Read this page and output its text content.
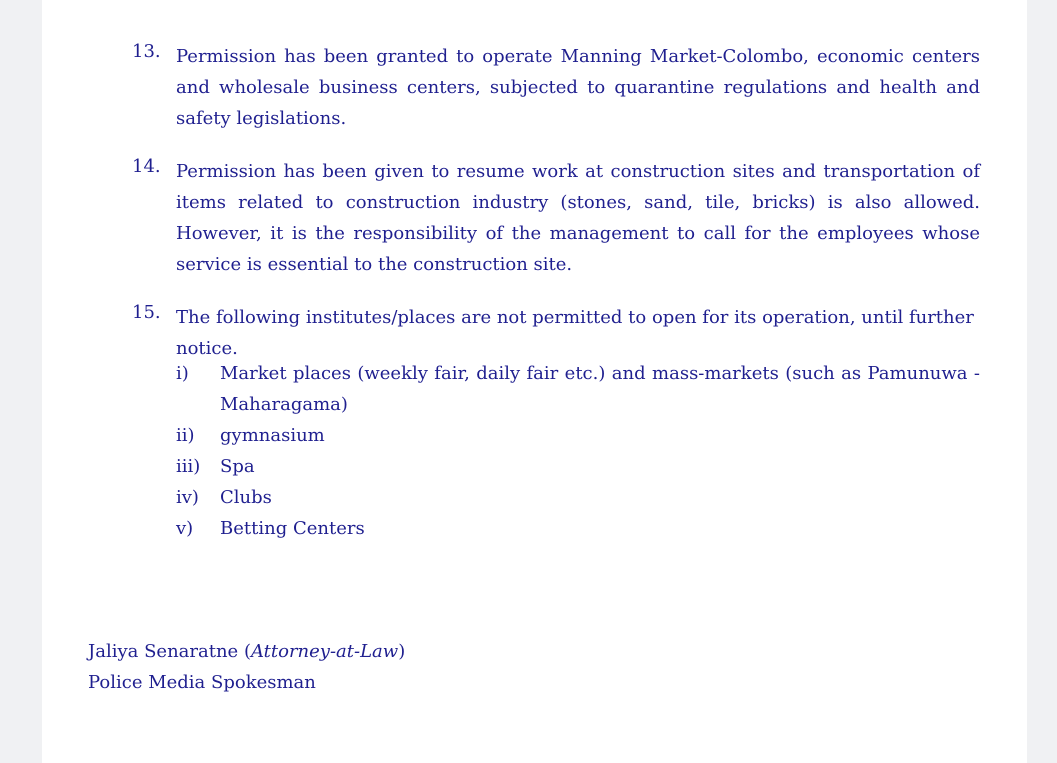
13. Permission has been granted to operate Manning Market-Colombo, economic centers and wholesale business centers, subjected to quarantine regulations and health and safety legislations.
14. Permission has been given to resume work at construction sites and transportation of items related to construction industry (stones, sand, tile, bricks) is also allowed. However, it is the responsibility of the management to call for the employees whose service is essential to the construction site.
15. The following institutes/places are not permitted to open for its operation, until further notice.
i)	Market places (weekly fair, daily fair etc.) and mass-markets (such as Pamunuwa - Maharagama)
ii)	gymnasium
iii)	Spa
iv)	Clubs
v)	Betting Centers
Jaliya Senaratne (Attorney-at-Law)
Police Media Spokesman
